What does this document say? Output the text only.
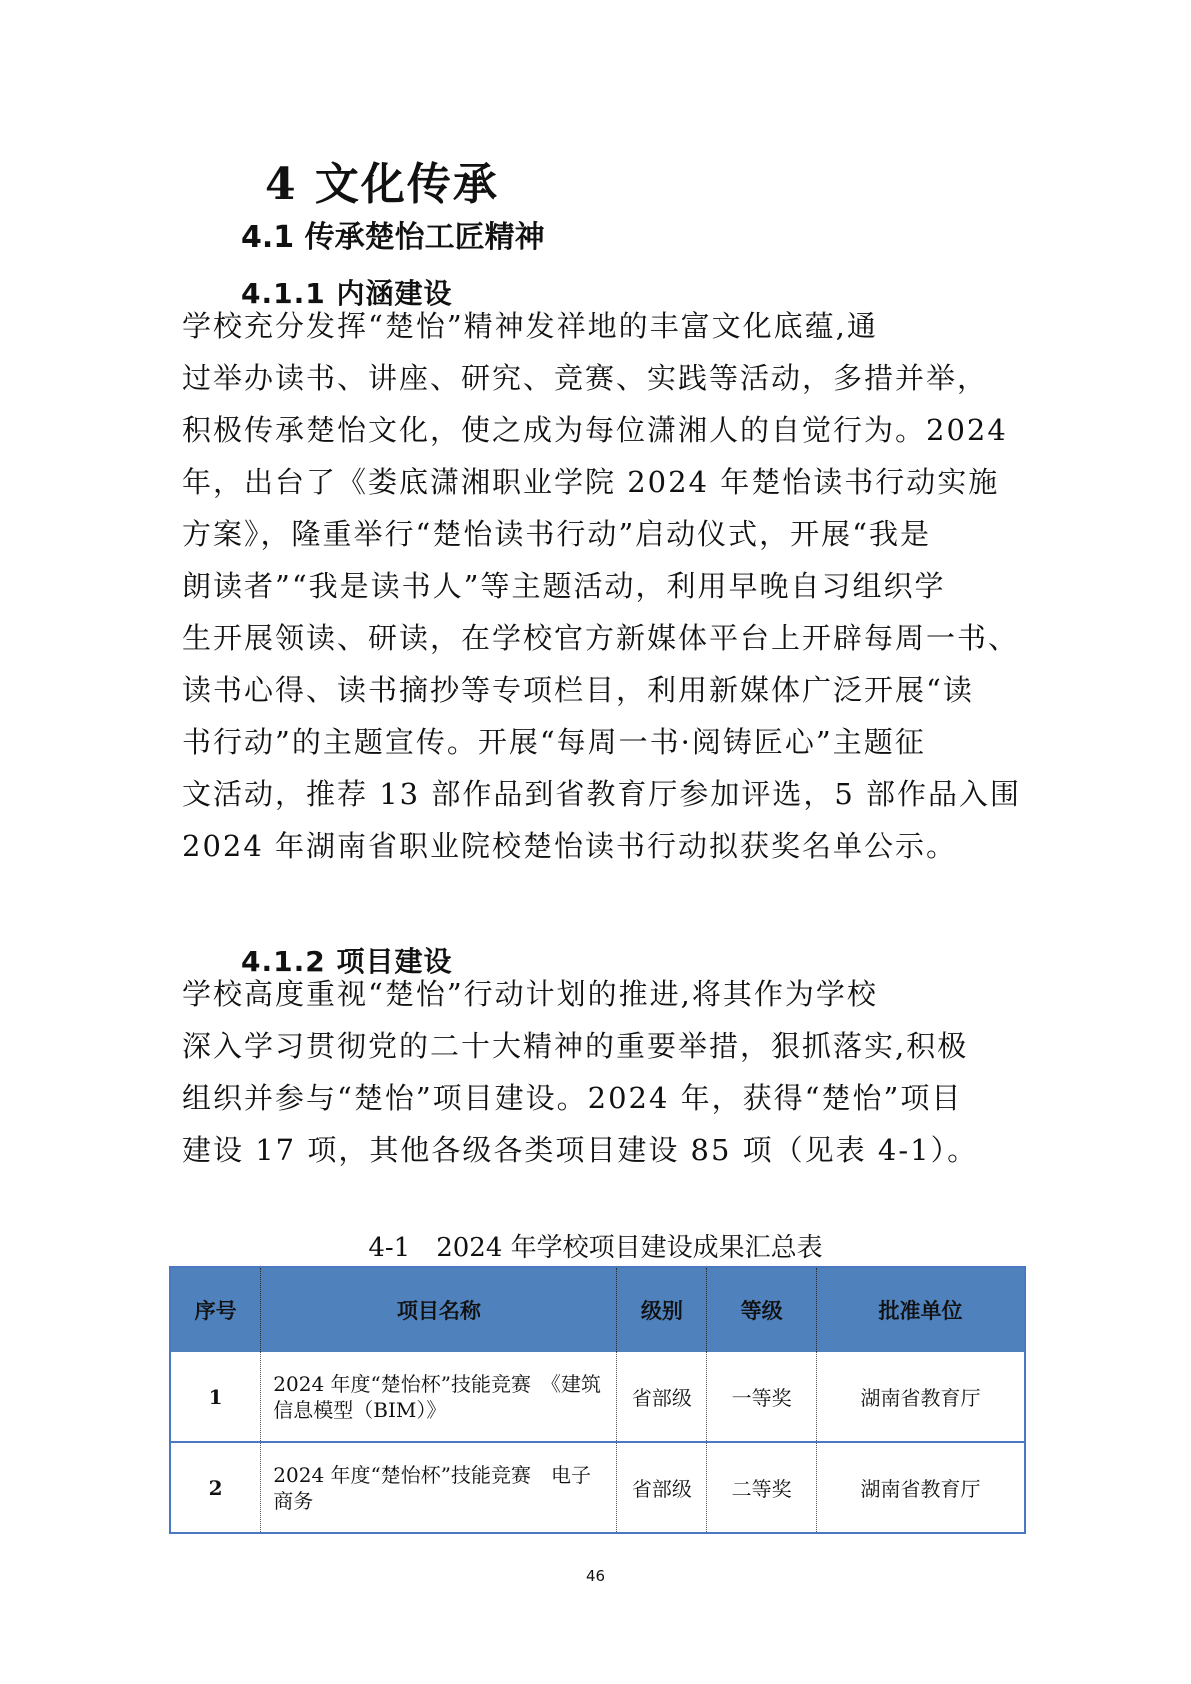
4 文化传承
4.1 传承楚怡工匠精神
4.1.1 内涵建设
学校充分发挥“楚怡”精神发祥地的丰富文化底蕴,通
过举办读书、讲座、研究、竞赛、实践等活动，多措并举，
积极传承楚怡文化，使之成为每位潇湘人的自觉行为。2024
年，出台了《娄底潇湘职业学院 2024 年楚怡读书行动实施
方案》，隆重举行“楚怡读书行动”启动仪式，开展“我是
朗读者”“我是读书人”等主题活动，利用早晚自习组织学
生开展领读、研读，在学校官方新媒体平台上开辟每周一书、
读书心得、读书摘抄等专项栏目，利用新媒体广泛开展“读
书行动”的主题宣传。开展“每周一书·阅铸匠心”主题征
文活动，推荐 13 部作品到省教育厅参加评选，5 部作品入围
2024 年湖南省职业院校楚怡读书行动拟获奖名单公示。
4.1.2 项目建设
学校高度重视“楚怡”行动计划的推进,将其作为学校
深入学习贯彻党的二十大精神的重要举措，狠抓落实,积极
组织并参与“楚怡”项目建设。2024 年，获得“楚怡”项目
建设 17 项，其他各级各类项目建设 85 项（见表 4-1）。
4-1　2024 年学校项目建设成果汇总表
序号	项目名称	级别	等级	批准单位
1	2024 年度“楚怡杯”技能竞赛　《建筑信息模型（BIM）》	省部级	一等奖	湖南省教育厅
2	2024 年度“楚怡杯”技能竞赛　电子商务	省部级	二等奖	湖南省教育厅
46
